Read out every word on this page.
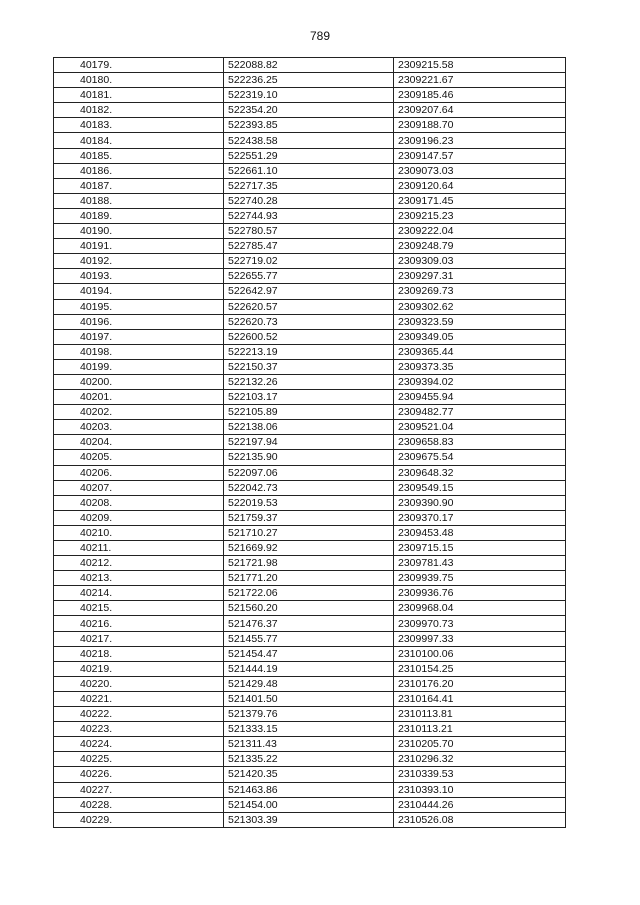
789
40179.	522088.82	2309215.58
40180.	522236.25	2309221.67
40181.	522319.10	2309185.46
40182.	522354.20	2309207.64
40183.	522393.85	2309188.70
40184.	522438.58	2309196.23
40185.	522551.29	2309147.57
40186.	522661.10	2309073.03
40187.	522717.35	2309120.64
40188.	522740.28	2309171.45
40189.	522744.93	2309215.23
40190.	522780.57	2309222.04
40191.	522785.47	2309248.79
40192.	522719.02	2309309.03
40193.	522655.77	2309297.31
40194.	522642.97	2309269.73
40195.	522620.57	2309302.62
40196.	522620.73	2309323.59
40197.	522600.52	2309349.05
40198.	522213.19	2309365.44
40199.	522150.37	2309373.35
40200.	522132.26	2309394.02
40201.	522103.17	2309455.94
40202.	522105.89	2309482.77
40203.	522138.06	2309521.04
40204.	522197.94	2309658.83
40205.	522135.90	2309675.54
40206.	522097.06	2309648.32
40207.	522042.73	2309549.15
40208.	522019.53	2309390.90
40209.	521759.37	2309370.17
40210.	521710.27	2309453.48
40211.	521669.92	2309715.15
40212.	521721.98	2309781.43
40213.	521771.20	2309939.75
40214.	521722.06	2309936.76
40215.	521560.20	2309968.04
40216.	521476.37	2309970.73
40217.	521455.77	2309997.33
40218.	521454.47	2310100.06
40219.	521444.19	2310154.25
40220.	521429.48	2310176.20
40221.	521401.50	2310164.41
40222.	521379.76	2310113.81
40223.	521333.15	2310113.21
40224.	521311.43	2310205.70
40225.	521335.22	2310296.32
40226.	521420.35	2310339.53
40227.	521463.86	2310393.10
40228.	521454.00	2310444.26
40229.	521303.39	2310526.08
